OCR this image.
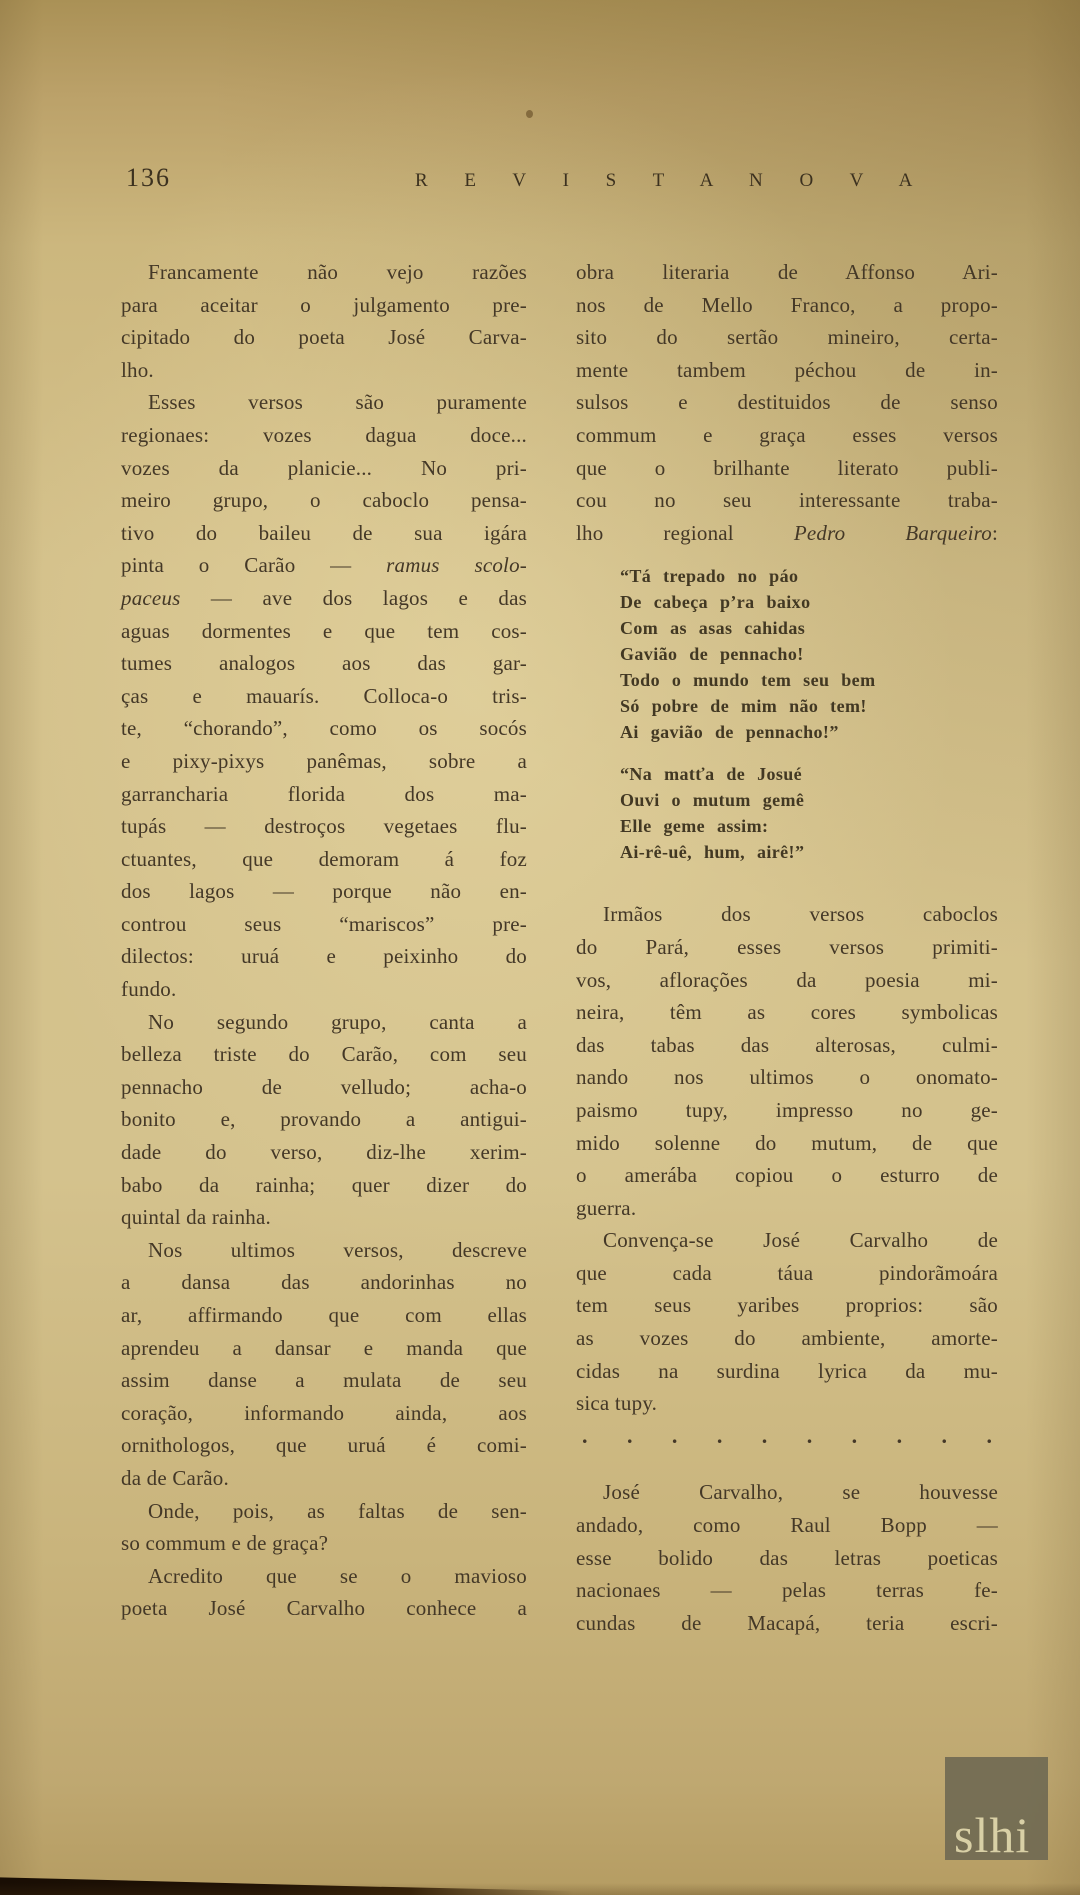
136	R E V I S T A N O V A
Francamente não vejo razões
para aceitar o julgamento pre-
cipitado do poeta José Carva-
lho.
Esses versos são puramente
regionaes: vozes dagua doce...
vozes da planicie... No pri-
meiro grupo, o caboclo pensa-
tivo do baileu de sua igára
pinta o Carão — ramus scolo-
paceus — ave dos lagos e das
aguas dormentes e que tem cos-
tumes analogos aos das gar-
ças e mauarís. Colloca-o tris-
te, “chorando”, como os socós
e pixy-pixys panêmas, sobre a
garrancharia florida dos ma-
tupás — destroços vegetaes flu-
ctuantes, que demoram á foz
dos lagos — porque não en-
controu seus “mariscos” pre-
dilectos: uruá e peixinho do
fundo.
No segundo grupo, canta a
belleza triste do Carão, com seu
pennacho de velludo; acha-o
bonito e, provando a antigui-
dade do verso, diz-lhe xerim-
babo da rainha; quer dizer do
quintal da rainha.
Nos ultimos versos, descreve
a dansa das andorinhas no
ar, affirmando que com ellas
aprendeu a dansar e manda que
assim danse a mulata de seu
coração, informando ainda, aos
ornithologos, que uruá é comi-
da de Carão.
Onde, pois, as faltas de sen-
so commum e de graça?
Acredito que se o mavioso
poeta José Carvalho conhece a
obra literaria de Affonso Ari-
nos de Mello Franco, a propo-
sito do sertão mineiro, certa-
mente tambem péchou de in-
sulsos e destituidos de senso
commum e graça esses versos
que o brilhante literato publi-
cou no seu interessante traba-
lho regional Pedro Barqueiro:
“Tá trepado no páo
De cabeça p’ra baixo
Com as asas cahidas
Gavião de pennacho!
Todo o mundo tem seu bem
Só pobre de mim não tem!
Ai gavião de pennacho!”
“Na matťa de Josué
Ouvi o mutum gemê
Elle geme assim:
Ai-rê-uê, hum, airê!”
Irmãos dos versos caboclos
do Pará, esses versos primiti-
vos, aflorações da poesia mi-
neira, têm as cores symbolicas
das tabas das alterosas, culmi-
nando nos ultimos o onomato-
paismo tupy, impresso no ge-
mido solenne do mutum, de que
o amerába copiou o esturro de
guerra.
Convença-se José Carvalho de
que cada táua pindorãmoára
tem seus yaribes proprios: são
as vozes do ambiente, amorte-
cidas na surdina lyrica da mu-
sica tupy.
. . . . . . . . . .
José Carvalho, se houvesse
andado, como Raul Bopp —
esse bolido das letras poeticas
nacionaes — pelas terras fe-
cundas de Macapá, teria escri-
slhi
